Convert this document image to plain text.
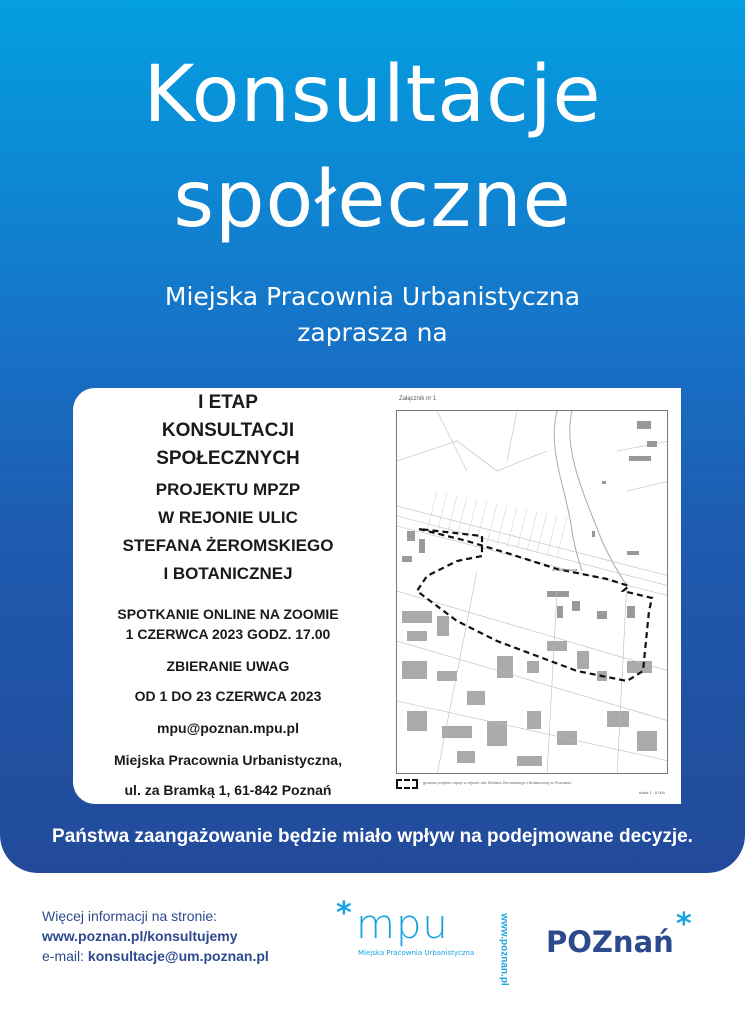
Konsultacje
społeczne
Miejska Pracownia Urbanistyczna
zaprasza na
I ETAP
KONSULTACJI
SPOŁECZNYCH
PROJEKTU MPZP
W REJONIE ULIC
STEFANA ŻEROMSKIEGO
I BOTANICZNEJ
SPOTKANIE ONLINE NA ZOOMIE
1 CZERWCA 2023 GODZ. 17.00
ZBIERANIE UWAG
OD 1 DO 23 CZERWCA 2023
mpu@poznan.mpu.pl
Miejska Pracownia Urbanistyczna,
ul. za Bramką 1, 61-842 Poznań
Załącznik nr 1
ul. Botaniczna
granica projektu mpzp w rejonie ulic Stefana Żeromskiego i Botanicznej w Poznaniu
skala 1 : 8 000
Państwa zaangażowanie będzie miało wpływ na podejmowane decyzje.
Więcej informacji na stronie:
www.poznan.pl/konsultujemy
e-mail: konsultacje@um.poznan.pl
* mpu
Miejska Pracownia Urbanistyczna www.poznan.pl POZnań *
